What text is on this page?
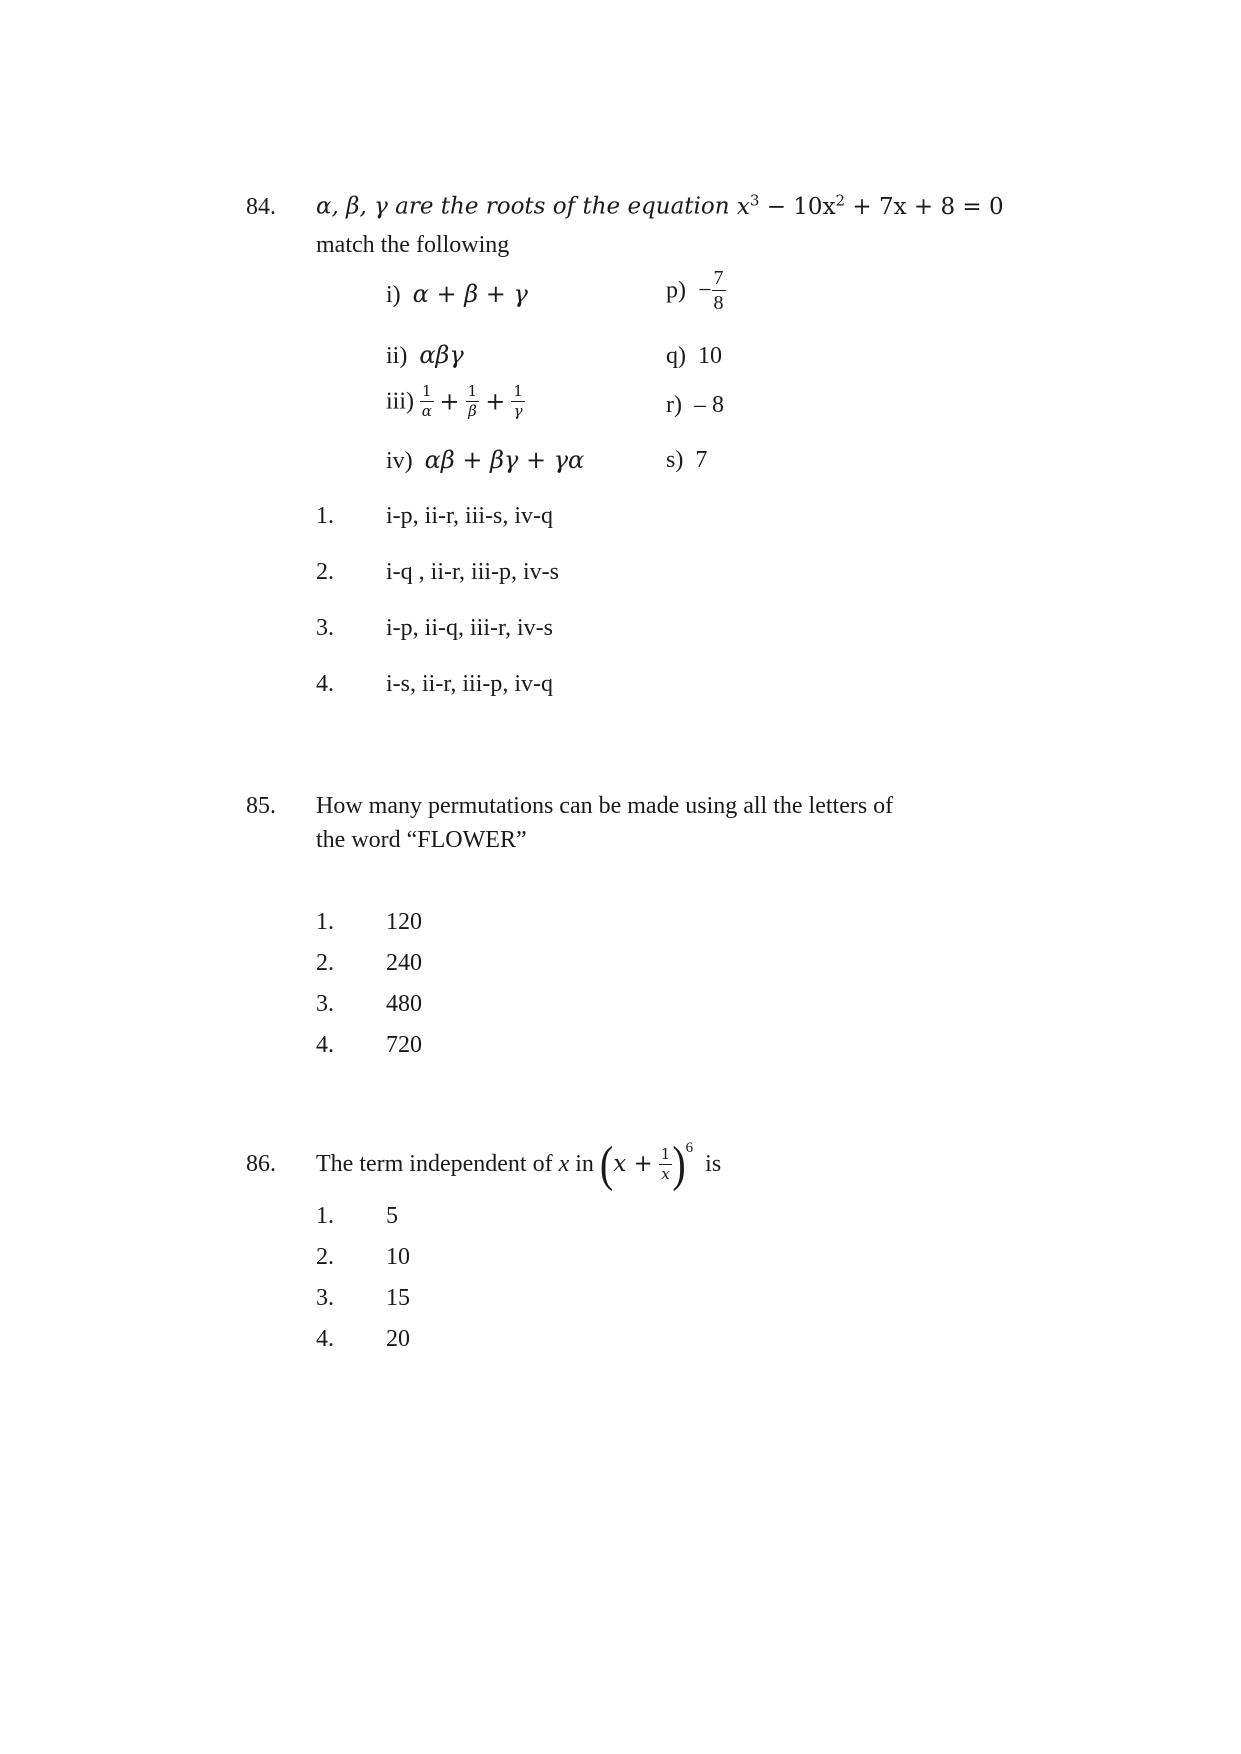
84. α, β, γ are the roots of the equation $x^3 - 10x^2 + 7x + 8 = 0$
match the following
i) α + β + γ
ii) αβγ
$iii) \frac{1}{\alpha} + \frac{1}{\beta} + \frac{1}{\gamma}$
iv) αβ + βγ + γα
$p) - \frac{7}{8}$
q) 10
r) – 8
s) 7
1. i-p, ii-r, iii-s, iv-q
2. i-q , ii-r, iii-p, iv-s
3. i-p, ii-q, iii-r, iv-s
4. i-s, ii-r, iii-p, iv-q
85. How many permutations can be made using all the letters of
the word “FLOWER”
1. 120
2. 240
3. 480
4. 720
86. The term independent of
x
in
( x +
$\frac{1}{x} )^6$

is
1. 5
2. 10
3. 15
4. 20
